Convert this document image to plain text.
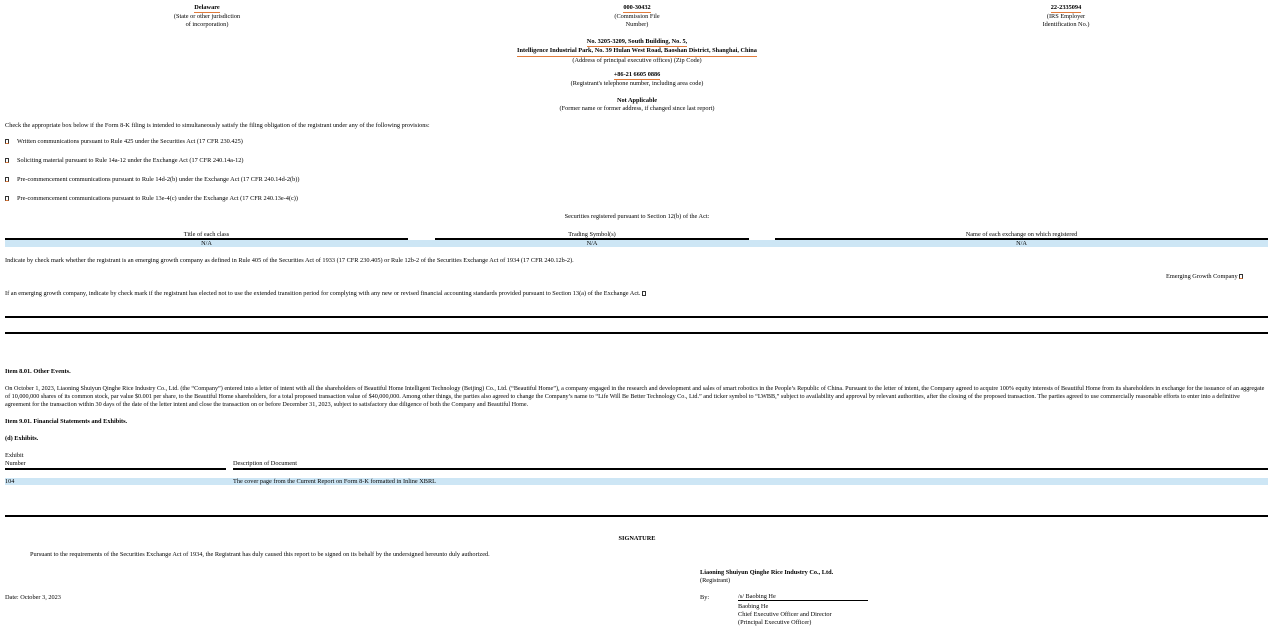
Delaware
(State or other jurisdiction
of incorporation)
000-30432
(Commission File
Number)
22-2335094
(IRS Employer
Identification No.)
No. 3205-3209, South Building, No. 5,
Intelligence Industrial Park, No. 39 Hulan West Road, Baoshan District, Shanghai, China
(Address of principal executive offices) (Zip Code)
+86-21 6605 0886
(Registrant's telephone number, including area code)
Not Applicable
(Former name or former address, if changed since last report)
Check the appropriate box below if the Form 8-K filing is intended to simultaneously satisfy the filing obligation of the registrant under any of the following provisions:
Written communications pursuant to Rule 425 under the Securities Act (17 CFR 230.425)
Soliciting material pursuant to Rule 14a-12 under the Exchange Act (17 CFR 240.14a-12)
Pre-commencement communications pursuant to Rule 14d-2(b) under the Exchange Act (17 CFR 240.14d-2(b))
Pre-commencement communications pursuant to Rule 13e-4(c) under the Exchange Act (17 CFR 240.13e-4(c))
Securities registered pursuant to Section 12(b) of the Act:
Title of each class	Trading Symbol(s)	Name of each exchange on which registered
N/A	N/A	N/A
Indicate by check mark whether the registrant is an emerging growth company as defined in Rule 405 of the Securities Act of 1933 (17 CFR 230.405) or Rule 12b-2 of the Securities Exchange Act of 1934 (17 CFR 240.12b-2).
Emerging Growth Company
If an emerging growth company, indicate by check mark if the registrant has elected not to use the extended transition period for complying with any new or revised financial accounting standards provided pursuant to Section 13(a) of the Exchange Act.
Item 8.01. Other Events.
On October 1, 2023, Liaoning Shuiyun Qinghe Rice Industry Co., Ltd. (the “Company”) entered into a letter of intent with all the shareholders of Beautiful Home Intelligent Technology (Beijing) Co., Ltd. (“Beautiful Home”), a company engaged in the research and development and sales of smart robotics in the People’s Republic of China. Pursuant to the letter of intent, the Company agreed to acquire 100% equity interests of Beautiful Home from its shareholders in exchange for the issuance of an aggregate of 10,000,000 shares of its common stock, par value $0.001 per share, to the Beautiful Home shareholders, for a total proposed transaction value of $40,000,000. Among other things, the parties also agreed to change the Company’s name to “Life Will Be Better Technology Co., Ltd.” and ticker symbol to “LWBB,” subject to availability and approval by relevant authorities, after the closing of the proposed transaction. The parties agreed to use commercially reasonable efforts to enter into a definitive agreement for the transaction within 30 days of the date of the letter intent and close the transaction on or before December 31, 2023, subject to satisfactory due diligence of both the Company and Beautiful Home.
Item 9.01. Financial Statements and Exhibits.
(d) Exhibits.
Exhibit
Number	Description of Document
104	The cover page from the Current Report on Form 8-K formatted in Inline XBRL
SIGNATURE
Pursuant to the requirements of the Securities Exchange Act of 1934, the Registrant has duly caused this report to be signed on its behalf by the undersigned hereunto duly authorized.
Liaoning Shuiyun Qinghe Rice Industry Co., Ltd.
(Registrant)
Date: October 3, 2023	By:	/s/ Baobing He
Baobing He
Chief Executive Officer and Director
(Principal Executive Officer)
